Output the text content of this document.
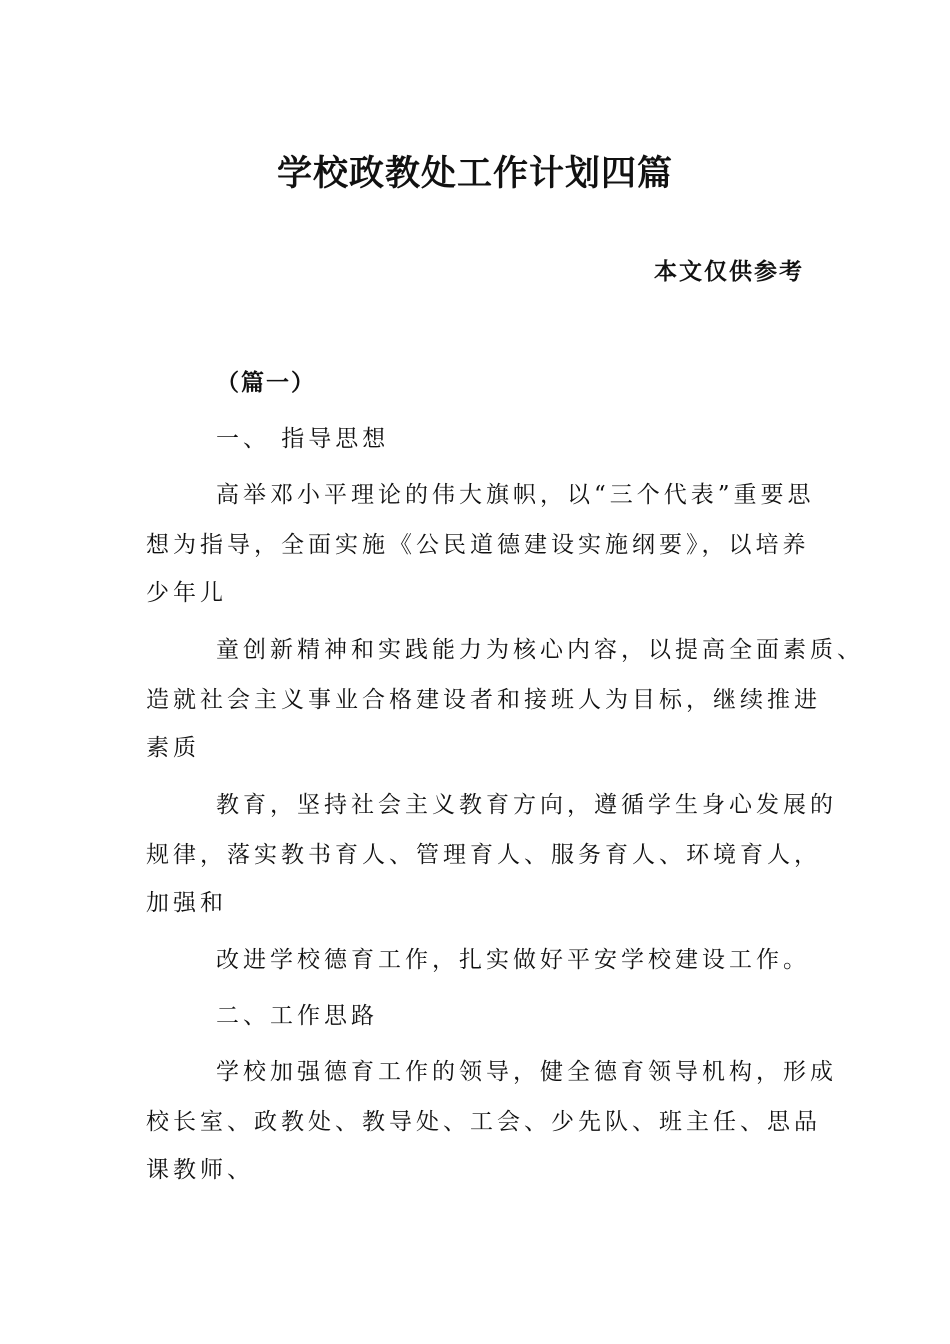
学校政教处工作计划四篇
本文仅供参考
（篇一）
一、 指导思想
高举邓小平理论的伟大旗帜，以“三个代表”重要思
想为指导，全面实施《公民道德建设实施纲要》，以培养
少年儿
童创新精神和实践能力为核心内容，以提高全面素质、
造就社会主义事业合格建设者和接班人为目标，继续推进
素质
教育，坚持社会主义教育方向，遵循学生身心发展的
规律，落实教书育人、管理育人、服务育人、环境育人，
加强和
改进学校德育工作，扎实做好平安学校建设工作。
二、工作思路
学校加强德育工作的领导，健全德育领导机构，形成
校长室、政教处、教导处、工会、少先队、班主任、思品
课教师、
